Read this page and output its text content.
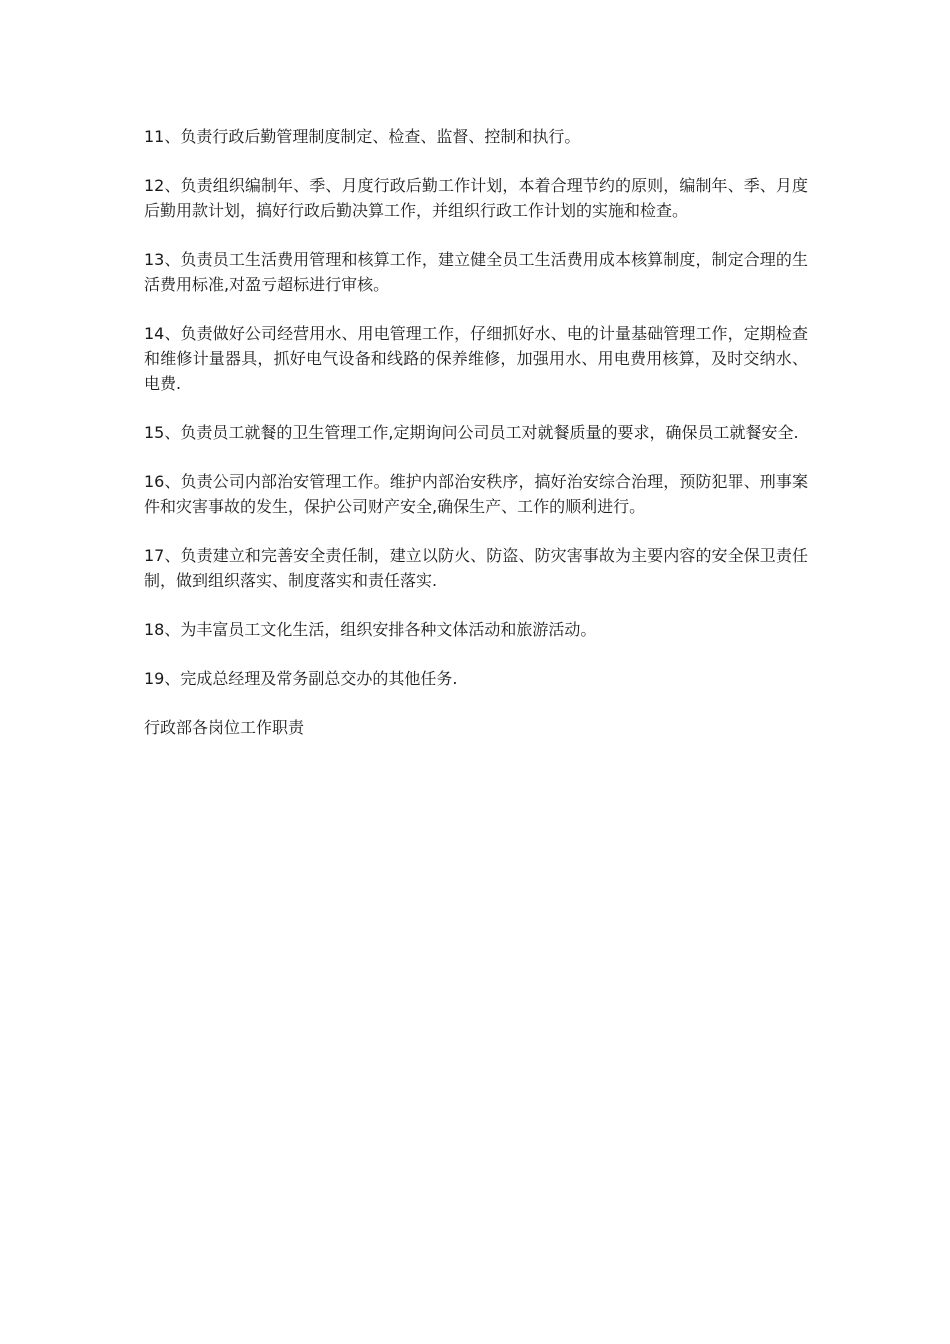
11、负责行政后勤管理制度制定、检查、监督、控制和执行。

12、负责组织编制年、季、月度行政后勤工作计划，本着合理节约的原则，编制年、季、月度后勤用款计划，搞好行政后勤决算工作，并组织行政工作计划的实施和检查。

13、负责员工生活费用管理和核算工作，建立健全员工生活费用成本核算制度，制定合理的生活费用标准,对盈亏超标进行审核。

14、负责做好公司经营用水、用电管理工作，仔细抓好水、电的计量基础管理工作，定期检查和维修计量器具，抓好电气设备和线路的保养维修，加强用水、用电费用核算，及时交纳水、电费.

15、负责员工就餐的卫生管理工作,定期询问公司员工对就餐质量的要求，确保员工就餐安全.

16、负责公司内部治安管理工作。维护内部治安秩序，搞好治安综合治理，预防犯罪、刑事案件和灾害事故的发生，保护公司财产安全,确保生产、工作的顺利进行。

17、负责建立和完善安全责任制，建立以防火、防盗、防灾害事故为主要内容的安全保卫责任制，做到组织落实、制度落实和责任落实.

18、为丰富员工文化生活，组织安排各种文体活动和旅游活动。

19、完成总经理及常务副总交办的其他任务.

行政部各岗位工作职责
